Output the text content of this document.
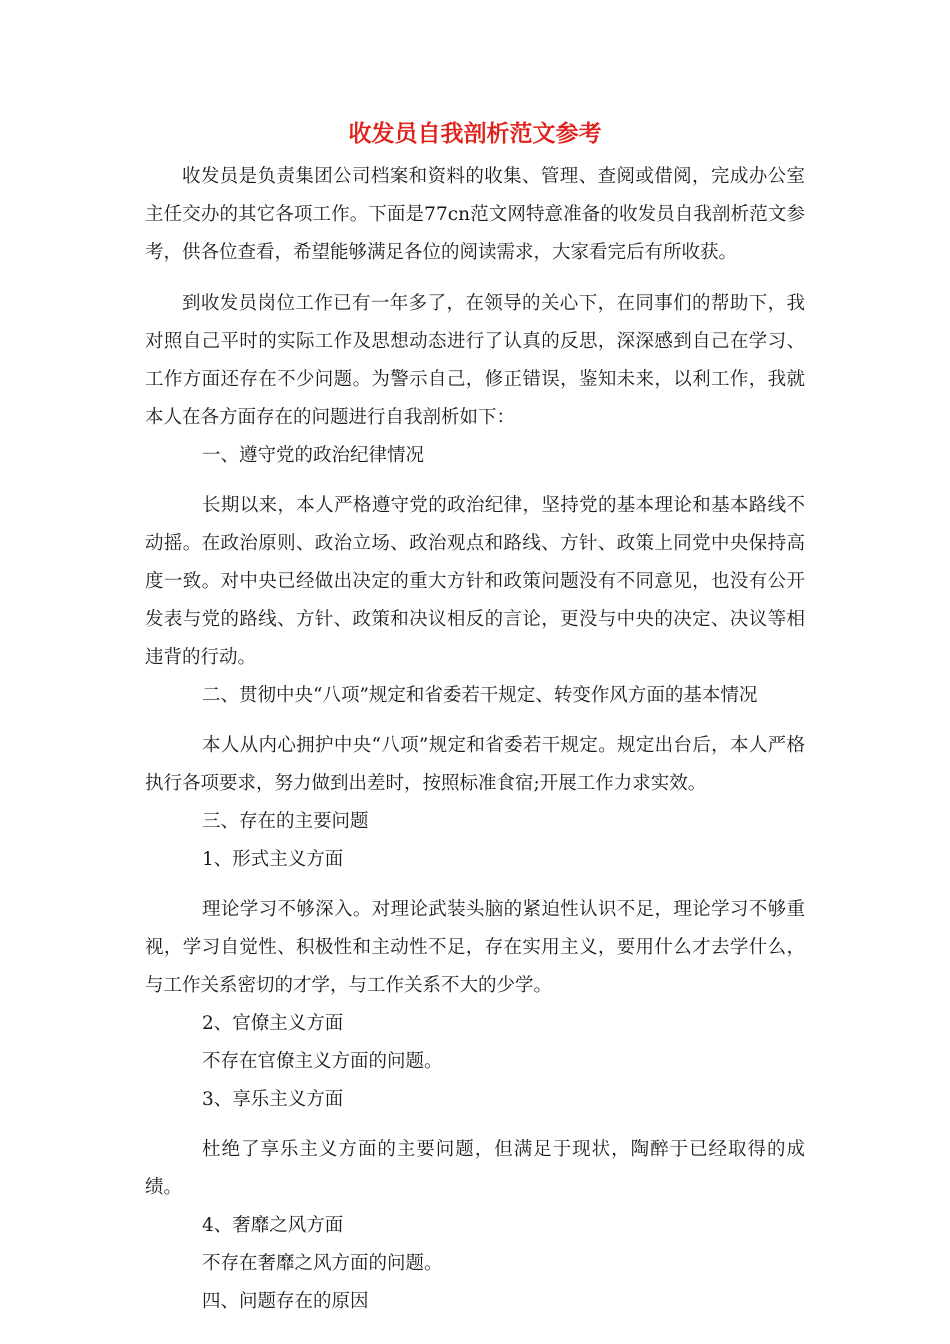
收发员自我剖析范文参考

收发员是负责集团公司档案和资料的收集、管理、查阅或借阅，完成办公室主任交办的其它各项工作。下面是77cn范文网特意准备的收发员自我剖析范文参考，供各位查看，希望能够满足各位的阅读需求，大家看完后有所收获。

到收发员岗位工作已有一年多了，在领导的关心下，在同事们的帮助下，我对照自己平时的实际工作及思想动态进行了认真的反思，深深感到自己在学习、工作方面还存在不少问题。为警示自己，修正错误，鉴知未来，以利工作，我就本人在各方面存在的问题进行自我剖析如下：

一、遵守党的政治纪律情况

长期以来，本人严格遵守党的政治纪律，坚持党的基本理论和基本路线不动摇。在政治原则、政治立场、政治观点和路线、方针、政策上同党中央保持高度一致。对中央已经做出决定的重大方针和政策问题没有不同意见，也没有公开发表与党的路线、方针、政策和决议相反的言论，更没与中央的决定、决议等相违背的行动。

二、贯彻中央“八项”规定和省委若干规定、转变作风方面的基本情况

本人从内心拥护中央“八项”规定和省委若干规定。规定出台后，本人严格执行各项要求，努力做到出差时，按照标准食宿;开展工作力求实效。

三、存在的主要问题

1、形式主义方面

理论学习不够深入。对理论武装头脑的紧迫性认识不足，理论学习不够重视，学习自觉性、积极性和主动性不足，存在实用主义，要用什么才去学什么，与工作关系密切的才学，与工作关系不大的少学。

2、官僚主义方面

不存在官僚主义方面的问题。

3、享乐主义方面

杜绝了享乐主义方面的主要问题，但满足于现状，陶醉于已经取得的成绩。

4、奢靡之风方面

不存在奢靡之风方面的问题。

四、问题存在的原因
